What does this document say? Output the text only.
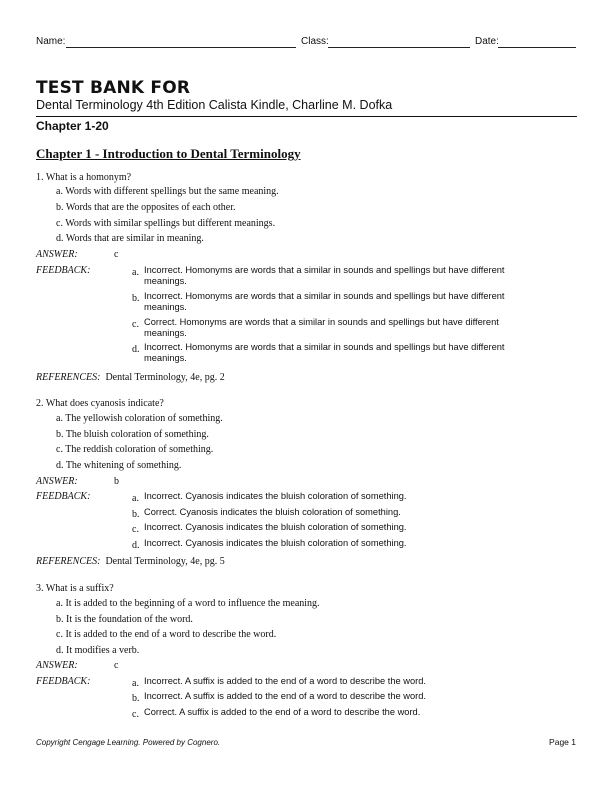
Name:	Class:	Date:
TEST BANK FOR
Dental Terminology 4th Edition Calista Kindle, Charline M. Dofka
Chapter 1-20
Chapter 1 - Introduction to Dental Terminology
1. What is a homonym?
a. Words with different spellings but the same meaning.
b. Words that are the opposites of each other.
c. Words with similar spellings but different meanings.
d. Words that are similar in meaning.
ANSWER:	c
FEEDBACK:	a. Incorrect. Homonyms are words that a similar in sounds and spellings but have different meanings.
b. Incorrect. Homonyms are words that a similar in sounds and spellings but have different meanings.
c. Correct. Homonyms are words that a similar in sounds and spellings but have different meanings.
d. Incorrect. Homonyms are words that a similar in sounds and spellings but have different meanings.
REFERENCES: Dental Terminology, 4e, pg. 2
2. What does cyanosis indicate?
a. The yellowish coloration of something.
b. The bluish coloration of something.
c. The reddish coloration of something.
d. The whitening of something.
ANSWER:	b
FEEDBACK:	a. Incorrect. Cyanosis indicates the bluish coloration of something.
b. Correct. Cyanosis indicates the bluish coloration of something.
c. Incorrect. Cyanosis indicates the bluish coloration of something.
d. Incorrect. Cyanosis indicates the bluish coloration of something.
REFERENCES: Dental Terminology, 4e, pg. 5
3. What is a suffix?
a. It is added to the beginning of a word to influence the meaning.
b. It is the foundation of the word.
c. It is added to the end of a word to describe the word.
d. It modifies a verb.
ANSWER:	c
FEEDBACK:	a. Incorrect. A suffix is added to the end of a word to describe the word.
b. Incorrect. A suffix is added to the end of a word to describe the word.
c. Correct. A suffix is added to the end of a word to describe the word.
Copyright Cengage Learning. Powered by Cognero.	Page 1
